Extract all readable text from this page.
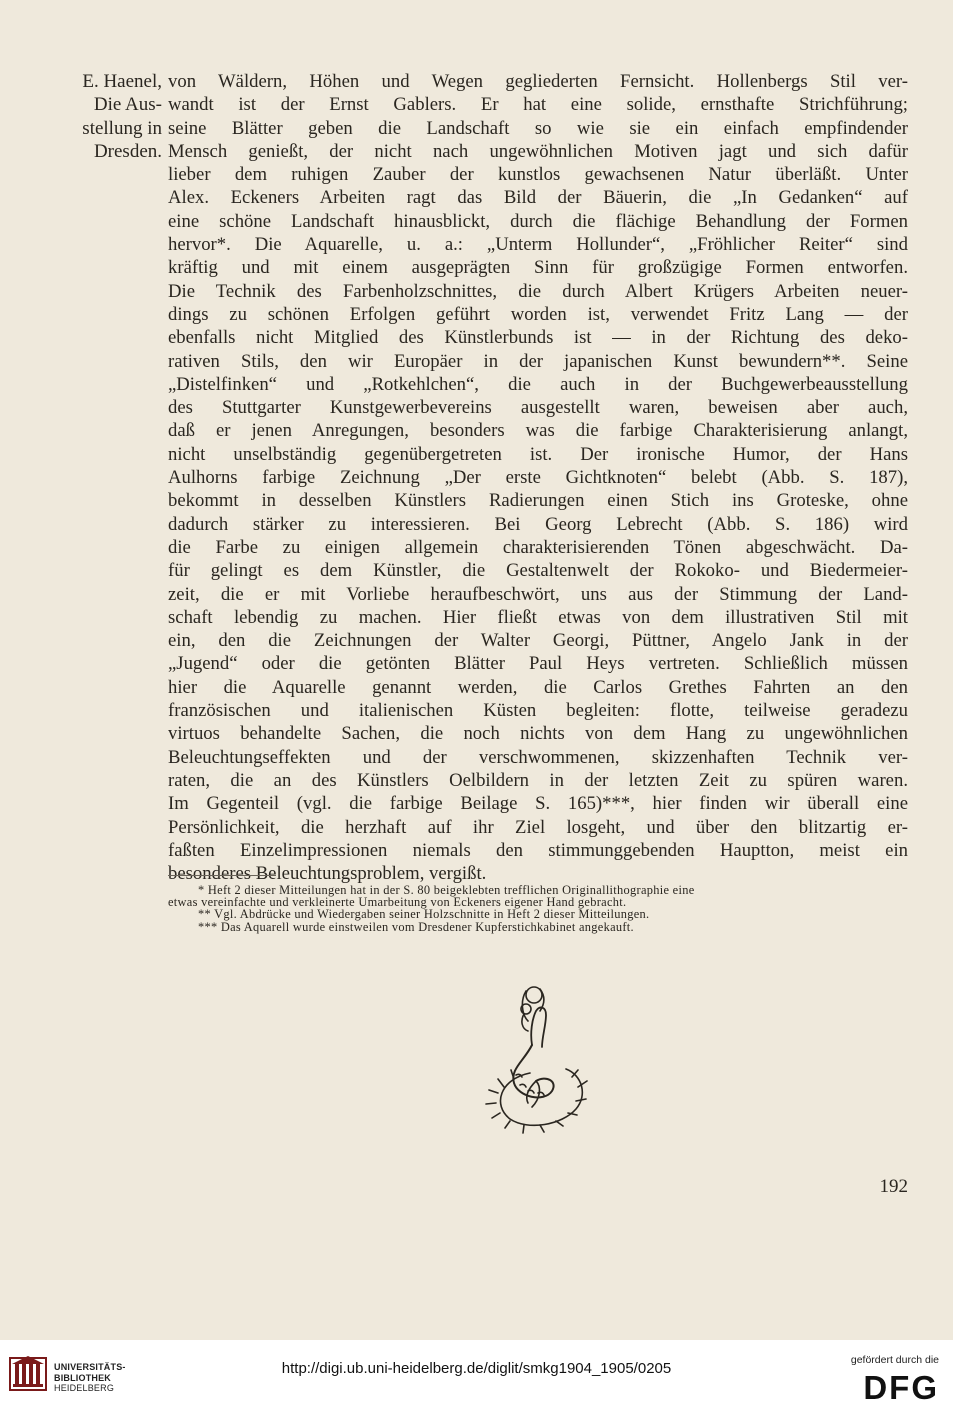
E. Haenel,
Die Aus-
stellung in
Dresden.
von Wäldern, Höhen und Wegen gegliederten Fernsicht. Hollenbergs Stil ver-
wandt ist der Ernst Gablers. Er hat eine solide, ernsthafte Strichführung;
seine Blätter geben die Landschaft so wie sie ein einfach empfindender
Mensch genießt, der nicht nach ungewöhnlichen Motiven jagt und sich dafür
lieber dem ruhigen Zauber der kunstlos gewachsenen Natur überläßt. Unter
Alex. Eckeners Arbeiten ragt das Bild der Bäuerin, die „In Gedanken“ auf
eine schöne Landschaft hinausblickt, durch die flächige Behandlung der Formen
hervor*. Die Aquarelle, u. a.: „Unterm Hollunder“, „Fröhlicher Reiter“ sind
kräftig und mit einem ausgeprägten Sinn für großzügige Formen entworfen.
Die Technik des Farbenholzschnittes, die durch Albert Krügers Arbeiten neuer-
dings zu schönen Erfolgen geführt worden ist, verwendet Fritz Lang — der
ebenfalls nicht Mitglied des Künstlerbunds ist — in der Richtung des deko-
rativen Stils, den wir Europäer in der japanischen Kunst bewundern**. Seine
„Distelfinken“ und „Rotkehlchen“, die auch in der Buchgewerbeausstellung
des Stuttgarter Kunstgewerbevereins ausgestellt waren, beweisen aber auch,
daß er jenen Anregungen, besonders was die farbige Charakterisierung anlangt,
nicht unselbständig gegenübergetreten ist. Der ironische Humor, der Hans
Aulhorns farbige Zeichnung „Der erste Gichtknoten“ belebt (Abb. S. 187),
bekommt in desselben Künstlers Radierungen einen Stich ins Groteske, ohne
dadurch stärker zu interessieren. Bei Georg Lebrecht (Abb. S. 186) wird
die Farbe zu einigen allgemein charakterisierenden Tönen abgeschwächt. Da-
für gelingt es dem Künstler, die Gestaltenwelt der Rokoko- und Biedermeier-
zeit, die er mit Vorliebe heraufbeschwört, uns aus der Stimmung der Land-
schaft lebendig zu machen. Hier fließt etwas von dem illustrativen Stil mit
ein, den die Zeichnungen der Walter Georgi, Püttner, Angelo Jank in der
„Jugend“ oder die getönten Blätter Paul Heys vertreten. Schließlich müssen
hier die Aquarelle genannt werden, die Carlos Grethes Fahrten an den
französischen und italienischen Küsten begleiten: flotte, teilweise geradezu
virtuos behandelte Sachen, die noch nichts von dem Hang zu ungewöhnlichen
Beleuchtungseffekten und der verschwommenen, skizzenhaften Technik ver-
raten, die an des Künstlers Oelbildern in der letzten Zeit zu spüren waren.
Im Gegenteil (vgl. die farbige Beilage S. 165)***, hier finden wir überall eine
Persönlichkeit, die herzhaft auf ihr Ziel losgeht, und über den blitzartig er-
faßten Einzelimpressionen niemals den stimmunggebenden Hauptton, meist ein
besonderes Beleuchtungsproblem, vergißt.
* Heft 2 dieser Mitteilungen hat in der S. 80 beigeklebten trefflichen Originallithographie eine
etwas vereinfachte und verkleinerte Umarbeitung von Eckeners eigener Hand gebracht.
** Vgl. Abdrücke und Wiedergaben seiner Holzschnitte in Heft 2 dieser Mitteilungen.
*** Das Aquarell wurde einstweilen vom Dresdener Kupferstichkabinet angekauft.
192
UNIVERSITÄTS-
BIBLIOTHEK
HEIDELBERG
http://digi.ub.uni-heidelberg.de/diglit/smkg1904_1905/0205	gefördert durch die
DFG
